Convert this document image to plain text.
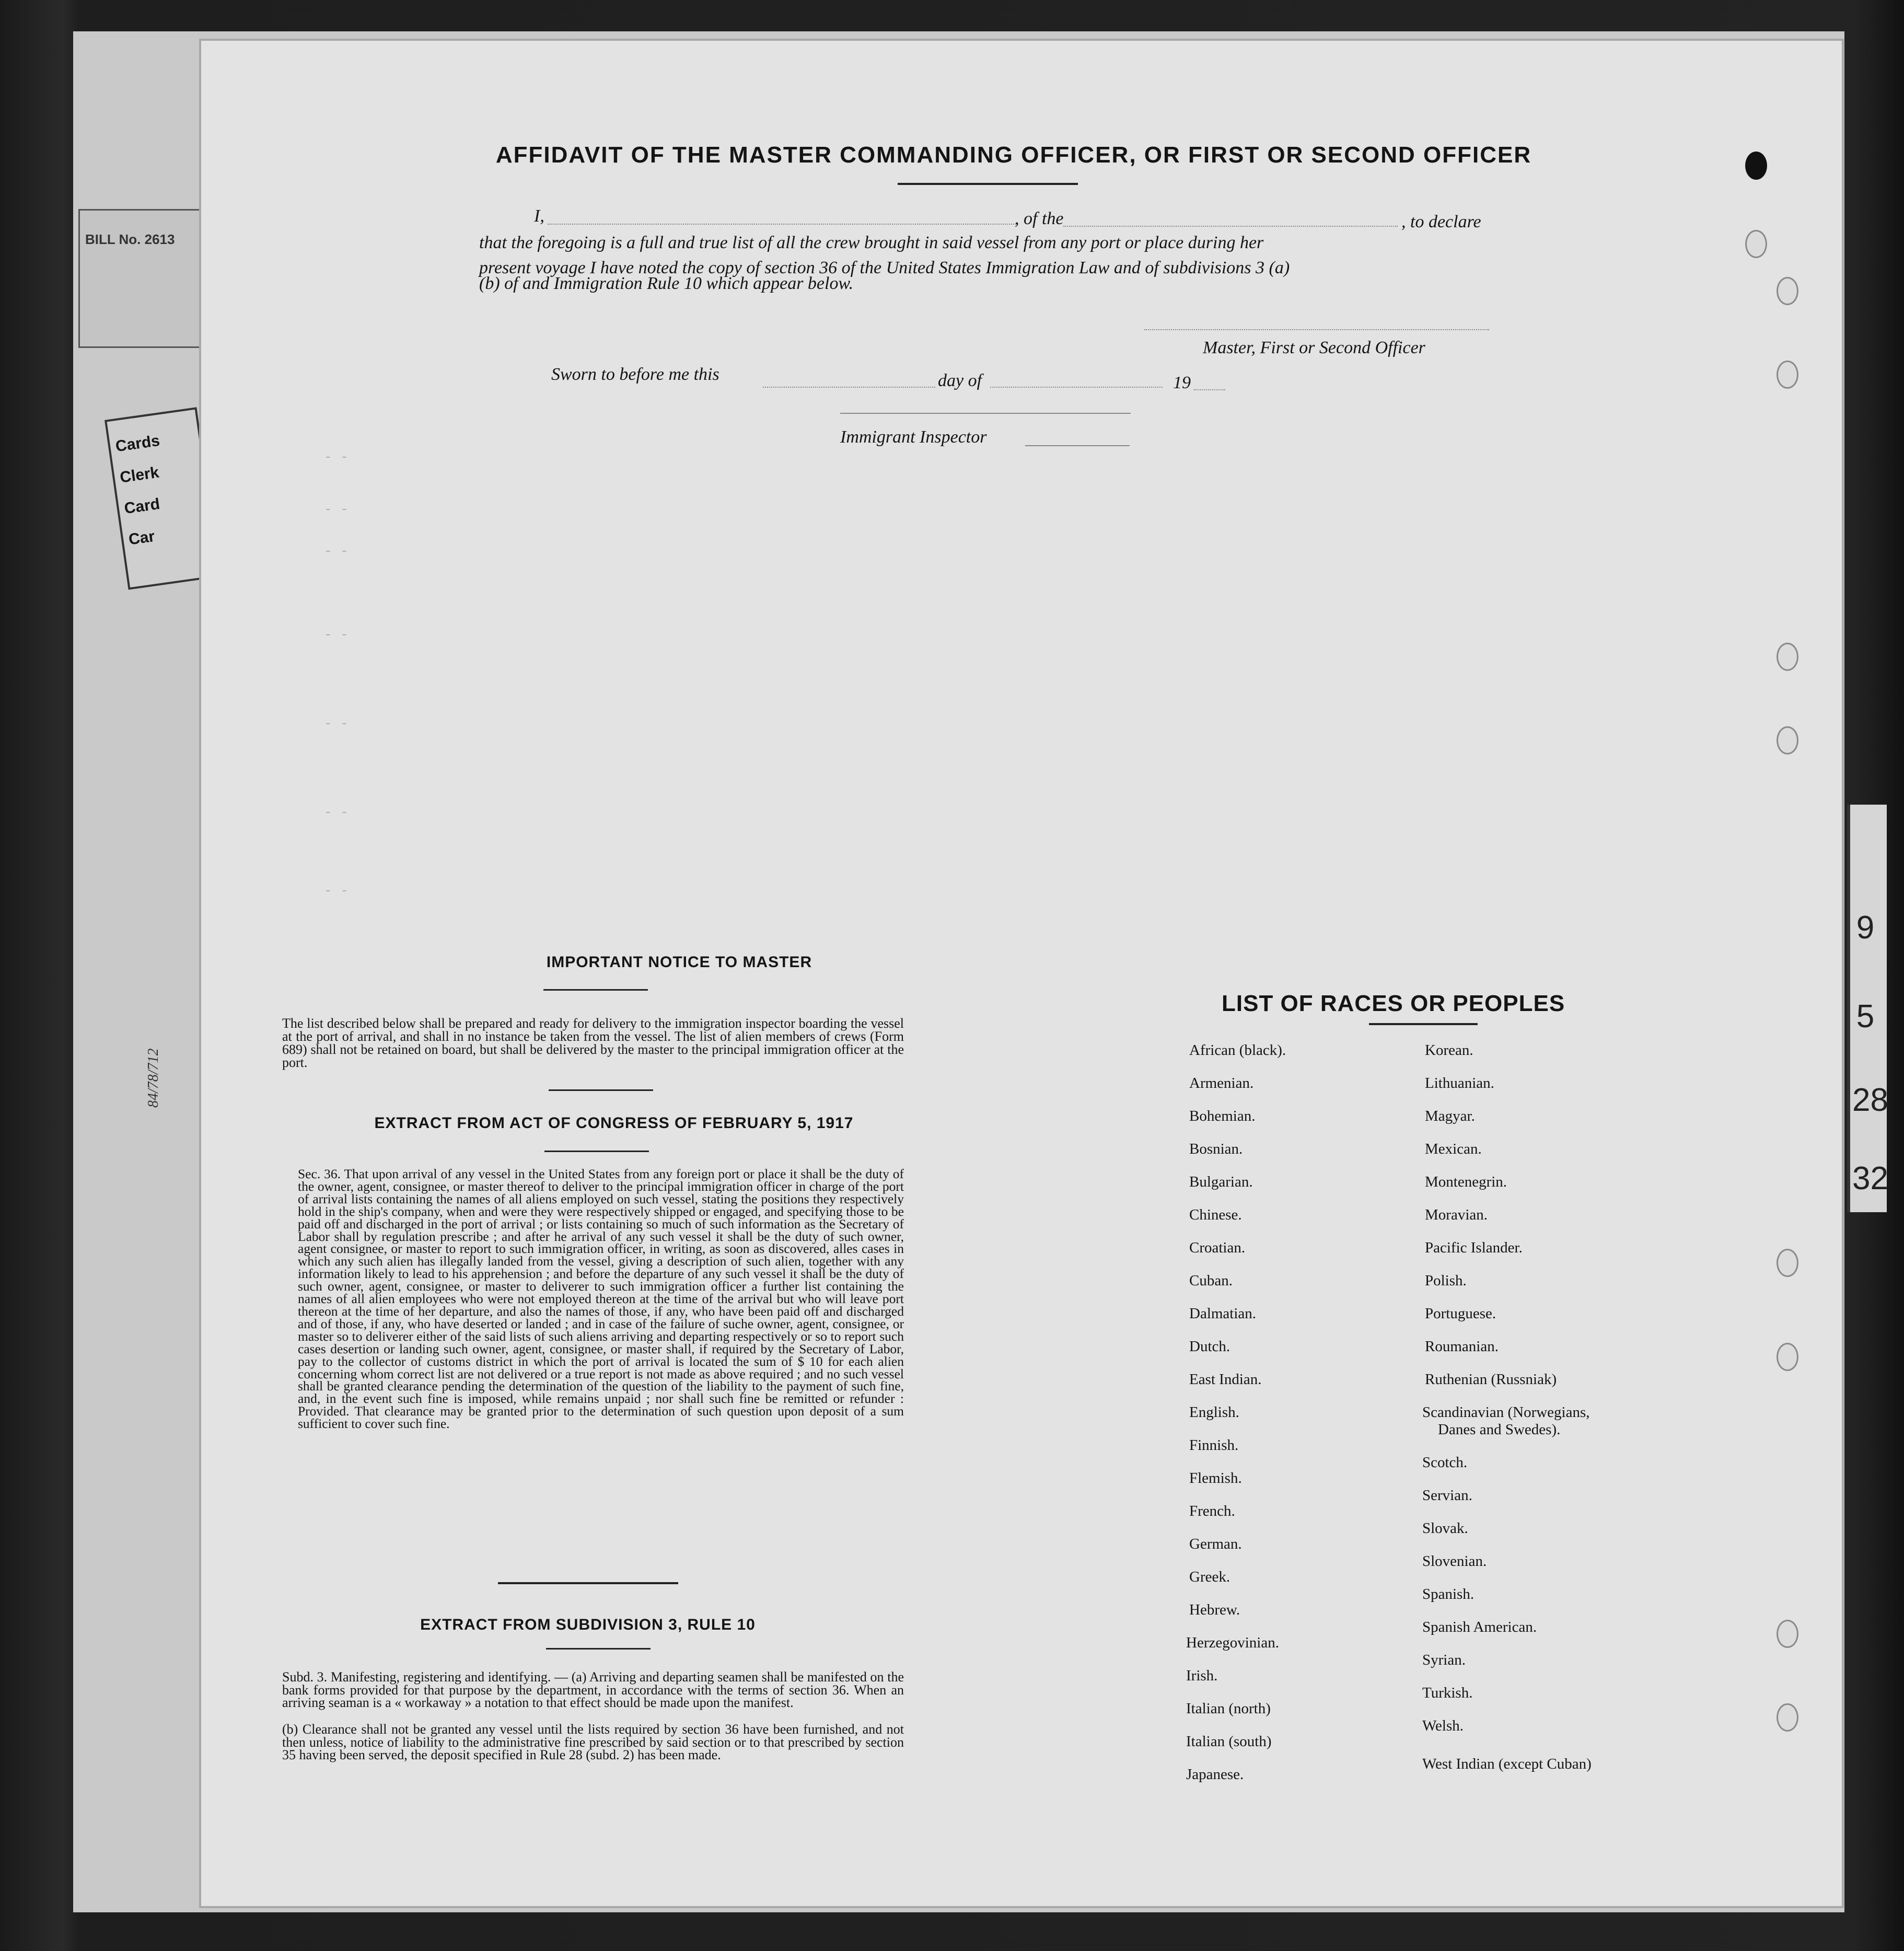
BILL No. 2613
Cards
Clerk
Card
Car
9
5
28
32
- -
- -
- -
- -
- -
- -
- -
AFFIDAVIT OF THE MASTER COMMANDING OFFICER, OR FIRST OR SECOND OFFICER
I,	, of the	, to declare
that the foregoing is a full and true list of all the crew brought in said vessel from any port or place during her
present voyage I have noted the copy of section 36 of the United States Immigration Law and of subdivisions 3 (a)
(b) of and Immigration Rule 10 which appear below.
Master, First or Second Officer
Sworn to before me this	day of	19
Immigrant Inspector
IMPORTANT NOTICE TO MASTER

The list described below shall be prepared and ready for delivery to the immigration inspector boarding the vessel at the port of arrival, and shall in no instance be taken from the vessel. The list of alien members of crews (Form 689) shall not be retained on board, but shall be delivered by the master to the principal immigration officer at the port.

EXTRACT FROM ACT OF CONGRESS OF FEBRUARY 5, 1917

Sec. 36. That upon arrival of any vessel in the United States from any foreign port or place it shall be the duty of the owner, agent, consignee, or master thereof to deliver to the principal immigration officer in charge of the port of arrival lists containing the names of all aliens employed on such vessel, stating the positions they respectively hold in the ship's company, when and were they were respectively shipped or engaged, and specifying those to be paid off and discharged in the port of arrival ; or lists containing so much of such information as the Secretary of Labor shall by regulation prescribe ; and after he arrival of any such vessel it shall be the duty of such owner, agent consignee, or master to report to such immigration officer, in writing, as soon as discovered, alles cases in which any such alien has illegally landed from the vessel, giving a description of such alien, together with any information likely to lead to his apprehension ; and before the departure of any such vessel it shall be the duty of such owner, agent, consignee, or master to deliverer to such immigration officer a further list containing the names of all alien employees who were not employed thereon at the time of the arrival but who will leave port thereon at the time of her departure, and also the names of those, if any, who have been paid off and discharged and of those, if any, who have deserted or landed ; and in case of the failure of suche owner, agent, consignee, or master so to deliverer either of the said lists of such aliens arriving and departing respectively or so to report such cases desertion or landing such owner, agent, consignee, or master shall, if required by the Secretary of Labor, pay to the collector of customs district in which the port of arrival is located the sum of $ 10 for each alien concerning whom correct list are not delivered or a true report is not made as above required ; and no such vessel shall be granted clearance pending the determination of the question of the liability to the payment of such fine, and, in the event such fine is imposed, while remains unpaid ; nor shall such fine be remitted or refunder : Provided. That clearance may be granted prior to the determination of such question upon deposit of a sum sufficient to cover such fine.

EXTRACT FROM SUBDIVISION 3, RULE 10

Subd. 3. Manifesting, registering and identifying. — (a) Arriving and departing seamen shall be manifested on the bank forms provided for that purpose by the department, in accordance with the terms of section 36. When an arriving seaman is a « workaway » a notation to that effect should be made upon the manifest.

(b) Clearance shall not be granted any vessel until the lists required by section 36 have been furnished, and not then unless, notice of liability to the administrative fine prescribed by said section or to that prescribed by section 35 having been served, the deposit specified in Rule 28 (subd. 2) has been made.

LIST OF RACES OR PEOPLES
African (black).
Armenian.
Bohemian.
Bosnian.
Bulgarian.
Chinese.
Croatian.
Cuban.
Dalmatian.
Dutch.
East Indian.
English.
Finnish.
Flemish.
French.
German.
Greek.
Hebrew.
Herzegovinian.
Irish.
Italian (north)
Italian (south)
Japanese.
Korean.
Lithuanian.
Magyar.
Mexican.
Montenegrin.
Moravian.
Pacific Islander.
Polish.
Portuguese.
Roumanian.
Ruthenian (Russniak)
Scandinavian (Norwegians,
Danes and Swedes).
Scotch.
Servian.
Slovak.
Slovenian.
Spanish.
Spanish American.
Syrian.
Turkish.
Welsh.
West Indian (except Cuban)
84/78/712
